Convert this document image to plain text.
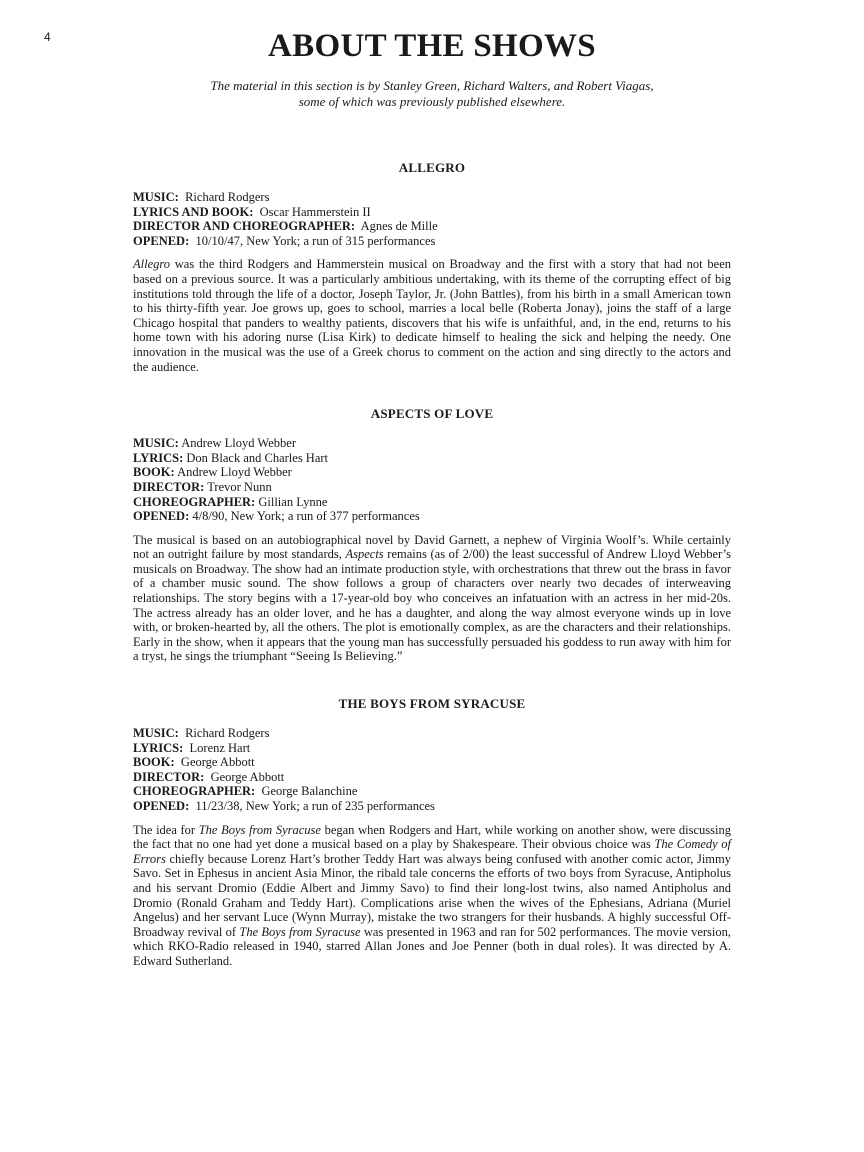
4	ABOUT THE SHOWS
The material in this section is by Stanley Green, Richard Walters, and Robert Viagas,
some of which was previously published elsewhere.
ALLEGRO
MUSIC: Richard Rodgers
LYRICS AND BOOK: Oscar Hammerstein II
DIRECTOR AND CHOREOGRAPHER: Agnes de Mille
OPENED: 10/10/47, New York; a run of 315 performances

Allegro was the third Rodgers and Hammerstein musical on Broadway and the first with a story that had not been based on a previous source. It was a particularly ambitious undertaking, with its theme of the corrupting effect of big institutions told through the life of a doctor, Joseph Taylor, Jr. (John Battles), from his birth in a small American town to his thirty-fifth year. Joe grows up, goes to school, marries a local belle (Roberta Jonay), joins the staff of a large Chicago hospital that panders to wealthy patients, discovers that his wife is unfaithful, and, in the end, returns to his home town with his adoring nurse (Lisa Kirk) to dedicate himself to healing the sick and helping the needy. One innovation in the musical was the use of a Greek chorus to comment on the action and sing directly to the actors and the audience.

ASPECTS OF LOVE
MUSIC: Andrew Lloyd Webber
LYRICS: Don Black and Charles Hart
BOOK: Andrew Lloyd Webber
DIRECTOR: Trevor Nunn
CHOREOGRAPHER: Gillian Lynne
OPENED: 4/8/90, New York; a run of 377 performances

The musical is based on an autobiographical novel by David Garnett, a nephew of Virginia Woolf’s. While certainly not an outright failure by most standards, Aspects remains (as of 2/00) the least successful of Andrew Lloyd Webber’s musicals on Broadway. The show had an intimate production style, with orchestrations that threw out the brass in favor of a chamber music sound. The show follows a group of characters over nearly two decades of interweaving relationships. The story begins with a 17-year-old boy who conceives an infatuation with an actress in her mid-20s. The actress already has an older lover, and he has a daughter, and along the way almost everyone winds up in love with, or broken-hearted by, all the others. The plot is emotionally complex, as are the characters and their relationships. Early in the show, when it appears that the young man has successfully persuaded his goddess to run away with him for a tryst, he sings the triumphant “Seeing Is Believing.”

THE BOYS FROM SYRACUSE
MUSIC: Richard Rodgers
LYRICS: Lorenz Hart
BOOK: George Abbott
DIRECTOR: George Abbott
CHOREOGRAPHER: George Balanchine
OPENED: 11/23/38, New York; a run of 235 performances

The idea for The Boys from Syracuse began when Rodgers and Hart, while working on another show, were discussing the fact that no one had yet done a musical based on a play by Shakespeare. Their obvious choice was The Comedy of Errors chiefly because Lorenz Hart’s brother Teddy Hart was always being confused with another comic actor, Jimmy Savo. Set in Ephesus in ancient Asia Minor, the ribald tale concerns the efforts of two boys from Syracuse, Antipholus and his servant Dromio (Eddie Albert and Jimmy Savo) to find their long-lost twins, also named Antipholus and Dromio (Ronald Graham and Teddy Hart). Complications arise when the wives of the Ephesians, Adriana (Muriel Angelus) and her servant Luce (Wynn Murray), mistake the two strangers for their husbands. A highly successful Off-Broadway revival of The Boys from Syracuse was presented in 1963 and ran for 502 performances. The movie version, which RKO-Radio released in 1940, starred Allan Jones and Joe Penner (both in dual roles). It was directed by A. Edward Sutherland.
